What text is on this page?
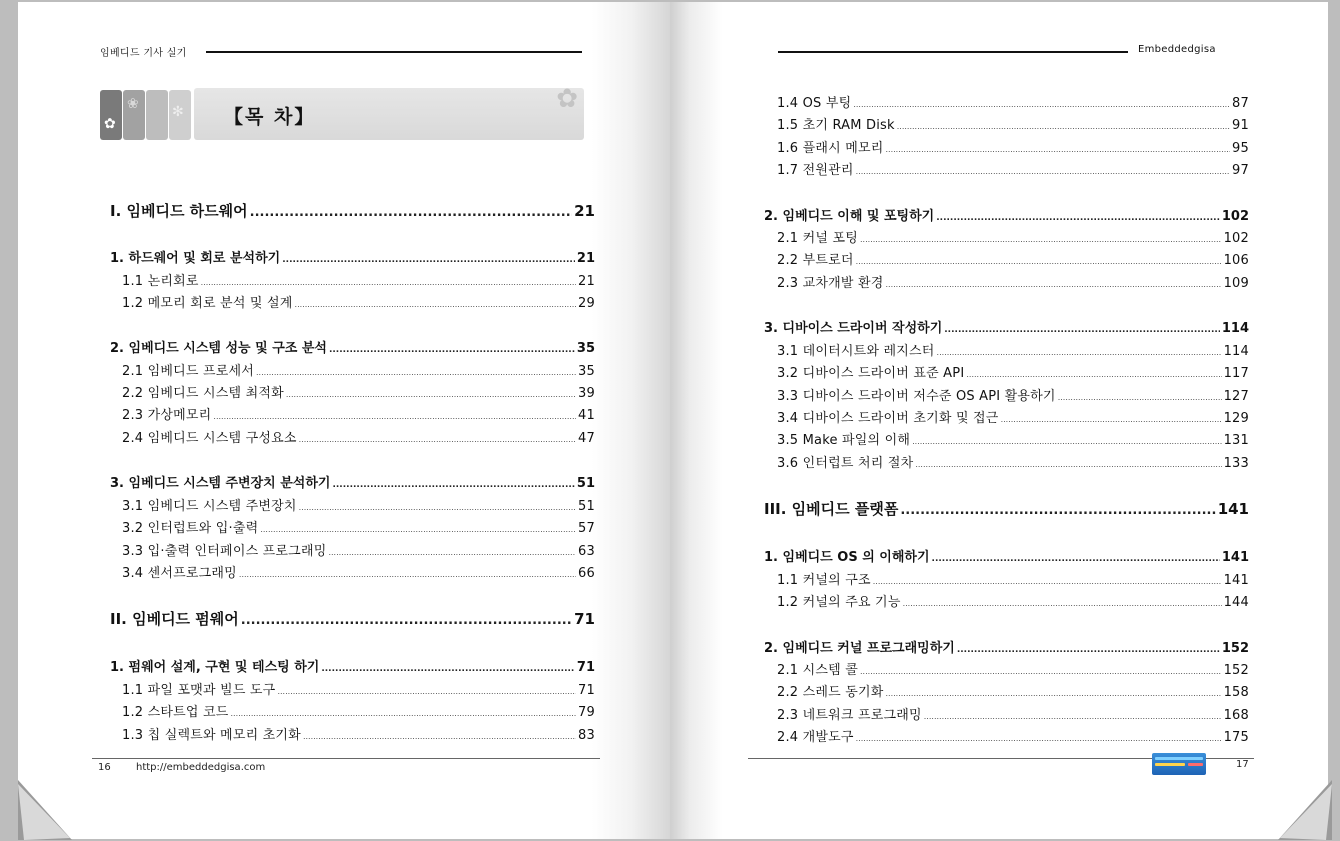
임베디드 기사 실기
✿
❀ ✻	✿
【목 차】
I. 임베디드 하드웨어 .....	21
1. 하드웨어 및 회로 분석하기 .....	21
1.1 논리회로 .....	21
1.2 메모리 회로 분석 및 설계 .....	29
2. 임베디드 시스템 성능 및 구조 분석 .....	35
2.1 임베디드 프로세서 .....	35
2.2 임베디드 시스템 최적화 .....	39
2.3 가상메모리 .....	41
2.4 임베디드 시스템 구성요소 .....	47
3. 임베디드 시스템 주변장치 분석하기 .....	51
3.1 임베디드 시스템 주변장치 .....	51
3.2 인터럽트와 입·출력 .....	57
3.3 입·출력 인터페이스 프로그래밍 .....	63
3.4 센서프로그래밍 .....	66
II. 임베디드 펌웨어 .....	71
1. 펌웨어 설계, 구현 및 테스팅 하기 .....	71
1.1 파일 포맷과 빌드 도구 .....	71
1.2 스타트업 코드 .....	79
1.3 칩 실렉트와 메모리 초기화 .....	83
16	http://embeddedgisa.com
Embeddedgisa
1.4 OS 부팅 .....	87
1.5 초기 RAM Disk .....	91
1.6 플래시 메모리 .....	95
1.7 전원관리 .....	97
2. 임베디드 이해 및 포팅하기 .....	102
2.1 커널 포팅 .....	102
2.2 부트로더 .....	106
2.3 교차개발 환경 .....	109
3. 디바이스 드라이버 작성하기 .....	114
3.1 데이터시트와 레지스터 .....	114
3.2 디바이스 드라이버 표준 API .....	117
3.3 디바이스 드라이버 저수준 OS API 활용하기 .....	127
3.4 디바이스 드라이버 초기화 및 접근 .....	129
3.5 Make 파일의 이해 .....	131
3.6 인터럽트 처리 절차 .....	133
III. 임베디드 플랫폼 .....	141
1. 임베디드 OS 의 이해하기 .....	141
1.1 커널의 구조 .....	141
1.2 커널의 주요 기능 .....	144
2. 임베디드 커널 프로그래밍하기 .....	152
2.1 시스템 콜 .....	152
2.2 스레드 동기화 .....	158
2.3 네트워크 프로그래밍 .....	168
2.4 개발도구 .....	175
17
